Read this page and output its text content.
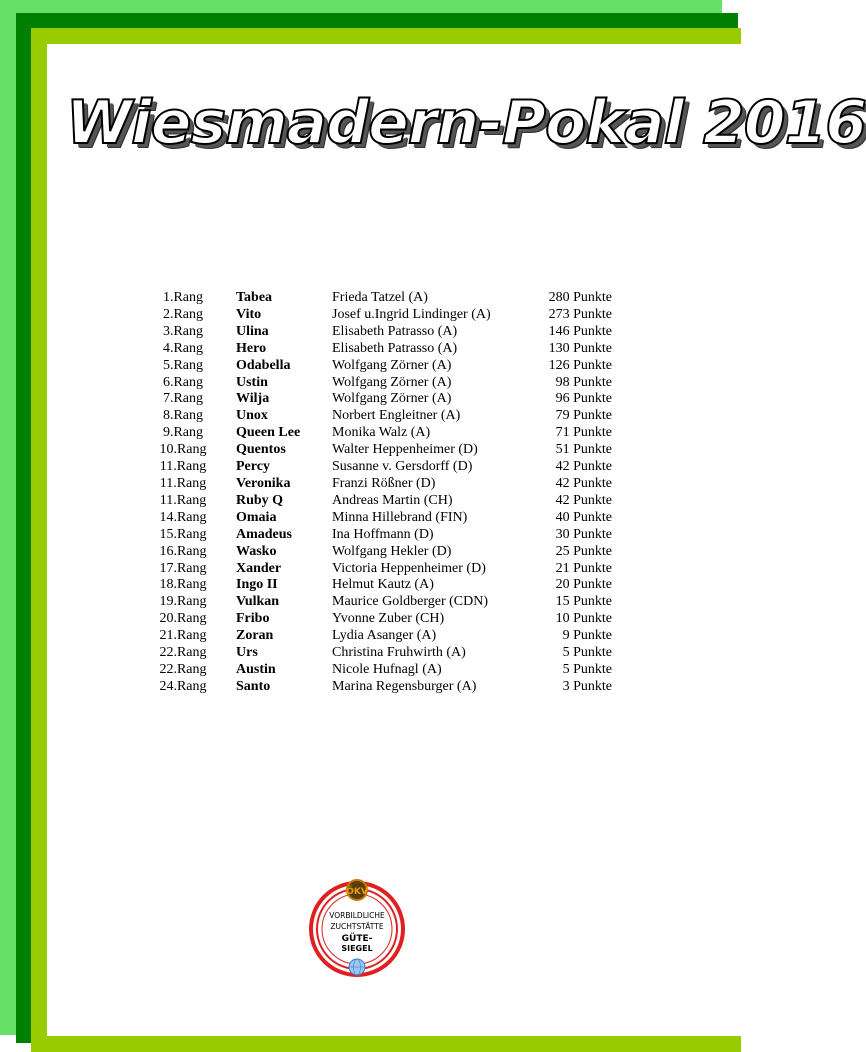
Wiesmadern-Pokal 2016
1.Rang	Tabea	Frieda Tatzel (A)	280 Punkte
2.Rang	Vito	Josef u.Ingrid Lindinger (A)	273 Punkte
3.Rang	Ulina	Elisabeth Patrasso (A)	146 Punkte
4.Rang	Hero	Elisabeth Patrasso (A)	130 Punkte
5.Rang	Odabella	Wolfgang Zörner (A)	126 Punkte
6.Rang	Ustin	Wolfgang Zörner (A)	98 Punkte
7.Rang	Wilja	Wolfgang Zörner (A)	96 Punkte
8.Rang	Unox	Norbert Engleitner (A)	79 Punkte
9.Rang	Queen Lee	Monika Walz (A)	71 Punkte
10.Rang	Quentos	Walter Heppenheimer (D)	51 Punkte
11.Rang	Percy	Susanne v. Gersdorff (D)	42 Punkte
11.Rang	Veronika	Franzi Rößner (D)	42 Punkte
11.Rang	Ruby Q	Andreas Martin (CH)	42 Punkte
14.Rang	Omaia	Minna Hillebrand (FIN)	40 Punkte
15.Rang	Amadeus	Ina Hoffmann (D)	30 Punkte
16.Rang	Wasko	Wolfgang Hekler (D)	25 Punkte
17.Rang	Xander	Victoria Heppenheimer (D)	21 Punkte
18.Rang	Ingo II	Helmut Kautz (A)	20 Punkte
19.Rang	Vulkan	Maurice Goldberger (CDN)	15 Punkte
20.Rang	Fribo	Yvonne Zuber (CH)	10 Punkte
21.Rang	Zoran	Lydia Asanger (A)	9 Punkte
22.Rang	Urs	Christina Fruhwirth (A)	5 Punkte
22.Rang	Austin	Nicole Hufnagl (A)	5 Punkte
24.Rang	Santo	Marina Regensburger (A)	3 Punkte
ÖKV
VORBILDLICHE
ZUCHTSTÄTTE
GÜTE-
SIEGEL
